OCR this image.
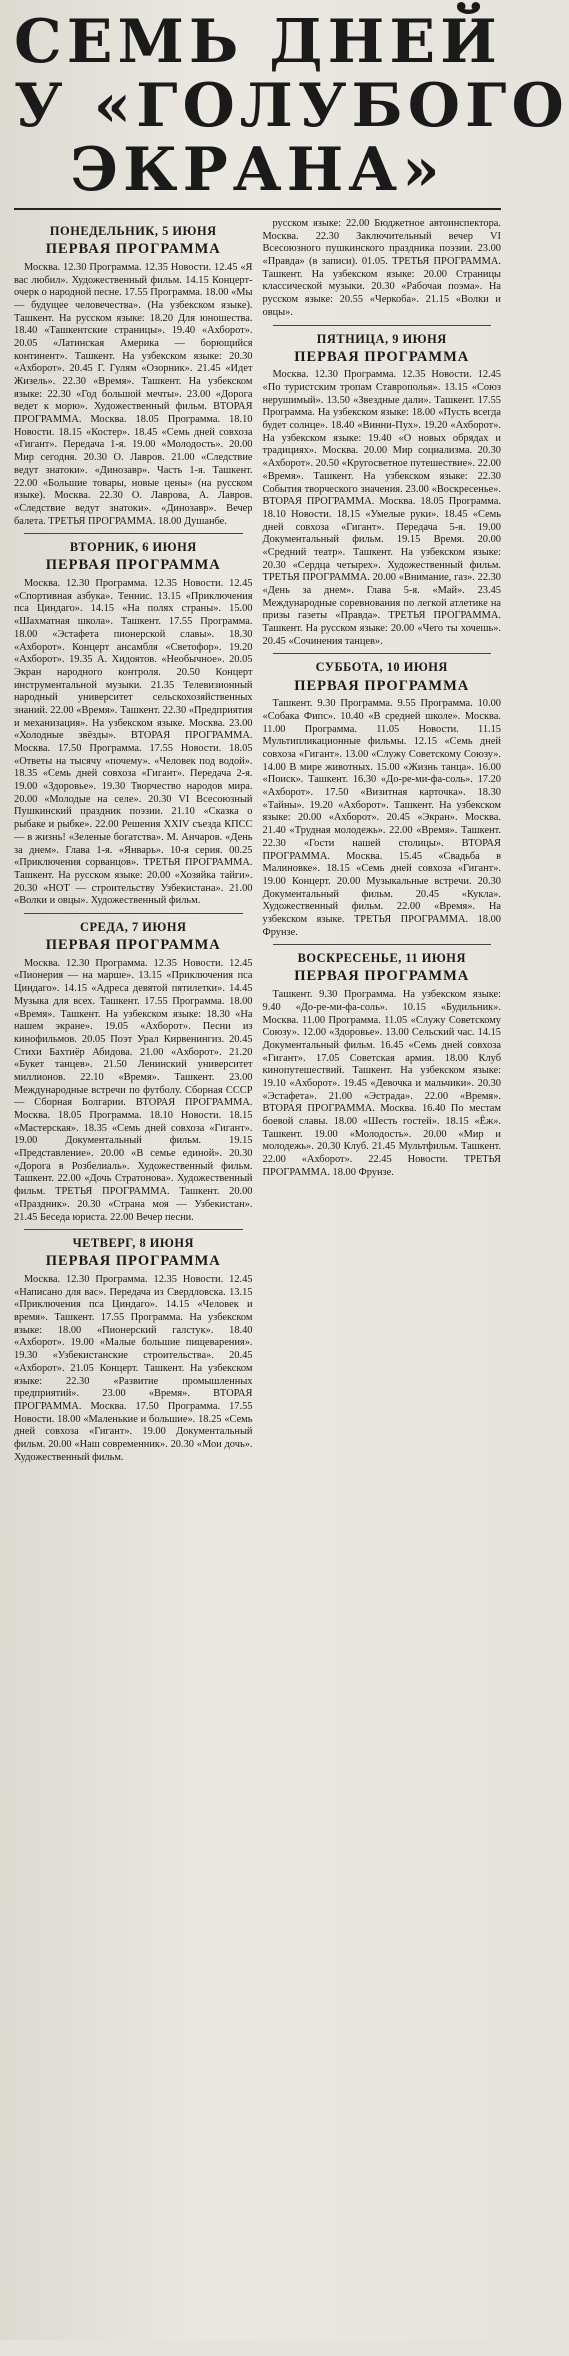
СЕМЬ ДНЕЙ
У «ГОЛУБОГО
ЭКРАНА»
ПОНЕДЕЛЬНИК, 5 ИЮНЯ
ПЕРВАЯ ПРОГРАММА

Москва. 12.30 Программа. 12.35 Новости. 12.45 «Я вас любил». Художественный фильм. 14.15 Концерт-очерк о народной песне. 17.55 Программа. 18.00 «Мы — будущее человечества». (На узбекском языке). Ташкент. На русском языке: 18.20 Для юношества. 18.40 «Ташкентские страницы». 19.40 «Ахборот». 20.05 «Латинская Америка — борющийся континент». Ташкент. На узбекском языке: 20.30 «Ахборот». 20.45 Г. Гулям «Озорник». 21.45 «Идет Жизель». 22.30 «Время». Ташкент. На узбекском языке: 22.30 «Год большой мечты». 23.00 «Дорога ведет к морю». Художественный фильм. ВТОРАЯ ПРОГРАММА. Москва. 18.05 Программа. 18.10 Новости. 18.15 «Костер». 18.45 «Семь дней совхоза «Гигант». Передача 1-я. 19.00 «Молодость». 20.00 Мир сегодня. 20.30 О. Лавров. 21.00 «Следствие ведут знатоки». «Динозавр». Часть 1-я. Ташкент. 22.00 «Большие товары, новые цены» (на русском языке). Москва. 22.30 О. Лаврова, А. Лавров. «Следствие ведут знатоки». «Динозавр». Вечер балета. ТРЕТЬЯ ПРОГРАММА. 18.00 Душанбе.

ВТОРНИК, 6 ИЮНЯ
ПЕРВАЯ ПРОГРАММА

Москва. 12.30 Программа. 12.35 Новости. 12.45 «Спортивная азбука». Теннис. 13.15 «Приключения пса Циндаго». 14.15 «На полях страны». 15.00 «Шахматная школа». Ташкент. 17.55 Программа. 18.00 «Эстафета пионерской славы». 18.30 «Ахборот». Концерт ансамбля «Светофор». 19.20 «Ахборот». 19.35 А. Хидоятов. «Необычное». 20.05 Экран народного контроля. 20.50 Концерт инструментальной музыки. 21.35 Телевизионный народный университет сельскохозяйственных знаний. 22.00 «Время». Ташкент. 22.30 «Предприятия и механизация». На узбекском языке. Москва. 23.00 «Холодные звёзды». ВТОРАЯ ПРОГРАММА. Москва. 17.50 Программа. 17.55 Новости. 18.05 «Ответы на тысячу «почему». «Человек под водой». 18.35 «Семь дней совхоза «Гигант». Передача 2-я. 19.00 «Здоровье». 19.30 Творчество народов мира. 20.00 «Молодые на селе». 20.30 VI Всесоюзный Пушкинский праздник поэзии. 21.10 «Сказка о рыбаке и рыбке». 22.00 Решения XXIV съезда КПСС — в жизнь! «Зеленые богатства». М. Анчаров. «День за днем». Глава 1-я. «Январь». 10-я серия. 00.25 «Приключения сорванцов». ТРЕТЬЯ ПРОГРАММА. Ташкент. На русском языке: 20.00 «Хозяйка тайги». 20.30 «НОТ — строительству Узбекистана». 21.00 «Волки и овцы». Художественный фильм.

СРЕДА, 7 ИЮНЯ
ПЕРВАЯ ПРОГРАММА

Москва. 12.30 Программа. 12.35 Новости. 12.45 «Пионерия — на марше». 13.15 «Приключения пса Циндаго». 14.15 «Адреса девятой пятилетки». 14.45 Музыка для всех. Ташкент. 17.55 Программа. 18.00 «Время». Ташкент. На узбекском языке: 18.30 «На нашем экране». 19.05 «Ахборот». Песни из кинофильмов. 20.05 Поэт Урал Кирвенингиз. 20.45 Стихи Бахтиёр Абидова. 21.00 «Ахборот». 21.20 «Букет танцев». 21.50 Ленинский университет миллионов. 22.10 «Время». Ташкент. 23.00 Международные встречи по футболу. Сборная СССР — Сборная Болгарии. ВТОРАЯ ПРОГРАММА. Москва. 18.05 Программа. 18.10 Новости. 18.15 «Мастерская». 18.35 «Семь дней совхоза «Гигант». 19.00 Документальный фильм. 19.15 «Представление». 20.00 «В семье единой». 20.30 «Дорога в Розбелиаль». Художественный фильм. Ташкент. 22.00 «Дочь Стратонова». Художественный фильм. ТРЕТЬЯ ПРОГРАММА. Ташкент. 20.00 «Праздник». 20.30 «Страна моя — Узбекистан». 21.45 Беседа юриста. 22.00 Вечер песни.

ЧЕТВЕРГ, 8 ИЮНЯ
ПЕРВАЯ ПРОГРАММА

Москва. 12.30 Программа. 12.35 Новости. 12.45 «Написано для вас». Передача из Свердловска. 13.15 «Приключения пса Циндаго». 14.15 «Человек и время». Ташкент. 17.55 Программа. На узбекском языке: 18.00 «Пионерский галстук». 18.40 «Ахборот». 19.00 «Малые большие пищеварения». 19.30 «Узбекистанские строительства». 20.45 «Ахборот». 21.05 Концерт. Ташкент. На узбекском языке: 22.30 «Развитие промышленных предприятий». 23.00 «Время». ВТОРАЯ ПРОГРАММА. Москва. 17.50 Программа. 17.55 Новости. 18.00 «Маленькие и большие». 18.25 «Семь дней совхоза «Гигант». 19.00 Документальный фильм. 20.00 «Наш современник». 20.30 «Мои дочь». Художественный фильм.

русском языке: 22.00 Бюджетное автоинспектора. Москва. 22.30 Заключительный вечер VI Всесоюзного пушкинского праздника поэзии. 23.00 «Правда» (в записи). 01.05. ТРЕТЬЯ ПРОГРАММА. Ташкент. На узбекском языке: 20.00 Страницы классической музыки. 20.30 «Рабочая поэма». На русском языке: 20.55 «Черкоба». 21.15 «Волки и овцы».

ПЯТНИЦА, 9 ИЮНЯ
ПЕРВАЯ ПРОГРАММА

Москва. 12.30 Программа. 12.35 Новости. 12.45 «По туристским тропам Ставрополья». 13.15 «Союз нерушимый». 13.50 «Звездные дали». Ташкент. 17.55 Программа. На узбекском языке: 18.00 «Пусть всегда будет солнце». 18.40 «Винни-Пух». 19.20 «Ахборот». На узбекском языке: 19.40 «О новых обрядах и традициях». Москва. 20.00 Мир социализма. 20.30 «Ахборот». 20.50 «Кругосветное путешествие». 22.00 «Время». Ташкент. На узбекском языке: 22.30 События творческого значения. 23.00 «Воскресенье». ВТОРАЯ ПРОГРАММА. Москва. 18.05 Программа. 18.10 Новости. 18.15 «Умелые руки». 18.45 «Семь дней совхоза «Гигант». Передача 5-я. 19.00 Документальный фильм. 19.15 Время. 20.00 «Средний театр». Ташкент. На узбекском языке: 20.30 «Сердца четырех». Художественный фильм. ТРЕТЬЯ ПРОГРАММА. 20.00 «Внимание, газ». 22.30 «День за днем». Глава 5-я. «Май». 23.45 Международные соревнования по легкой атлетике на призы газеты «Правда». ТРЕТЬЯ ПРОГРАММА. Ташкент. На русском языке: 20.00 «Чего ты хочешь». 20.45 «Сочинения танцев».

СУББОТА, 10 ИЮНЯ
ПЕРВАЯ ПРОГРАММА

Ташкент. 9.30 Программа. 9.55 Программа. 10.00 «Собака Фипс». 10.40 «В средней школе». Москва. 11.00 Программа. 11.05 Новости. 11.15 Мультипликационные фильмы. 12.15 «Семь дней совхоза «Гигант». 13.00 «Служу Советскому Союзу». 14.00 В мире животных. 15.00 «Жизнь танца». 16.00 «Поиск». Ташкент. 16.30 «До-ре-ми-фа-соль». 17.20 «Ахборот». 17.50 «Визитная карточка». 18.30 «Тайны». 19.20 «Ахборот». Ташкент. На узбекском языке: 20.00 «Ахборот». 20.45 «Экран». Москва. 21.40 «Трудная молодежь». 22.00 «Время». Ташкент. 22.30 «Гости нашей столицы». ВТОРАЯ ПРОГРАММА. Москва. 15.45 «Свадьба в Малиновке». 18.15 «Семь дней совхоза «Гигант». 19.00 Концерт. 20.00 Музыкальные встречи. 20.30 Документальный фильм. 20.45 «Кукла». Художественный фильм. 22.00 «Время». На узбекском языке. ТРЕТЬЯ ПРОГРАММА. 18.00 Фрунзе.

ВОСКРЕСЕНЬЕ, 11 ИЮНЯ
ПЕРВАЯ ПРОГРАММА

Ташкент. 9.30 Программа. На узбекском языке: 9.40 «До-ре-ми-фа-соль». 10.15 «Будильник». Москва. 11.00 Программа. 11.05 «Служу Советскому Союзу». 12.00 «Здоровье». 13.00 Сельский час. 14.15 Документальный фильм. 16.45 «Семь дней совхоза «Гигант». 17.05 Советская армия. 18.00 Клуб кинопутешествий. Ташкент. На узбекском языке: 19.10 «Ахборот». 19.45 «Девочка и мальчики». 20.30 «Эстафета». 21.00 «Эстрада». 22.00 «Время». ВТОРАЯ ПРОГРАММА. Москва. 16.40 По местам боевой славы. 18.00 «Шесть гостей». 18.15 «Ёж». Ташкент. 19.00 «Молодость». 20.00 «Мир и молодежь». 20.30 Клуб. 21.45 Мультфильм. Ташкент. 22.00 «Ахборот». 22.45 Новости. ТРЕТЬЯ ПРОГРАММА. 18.00 Фрунзе.
